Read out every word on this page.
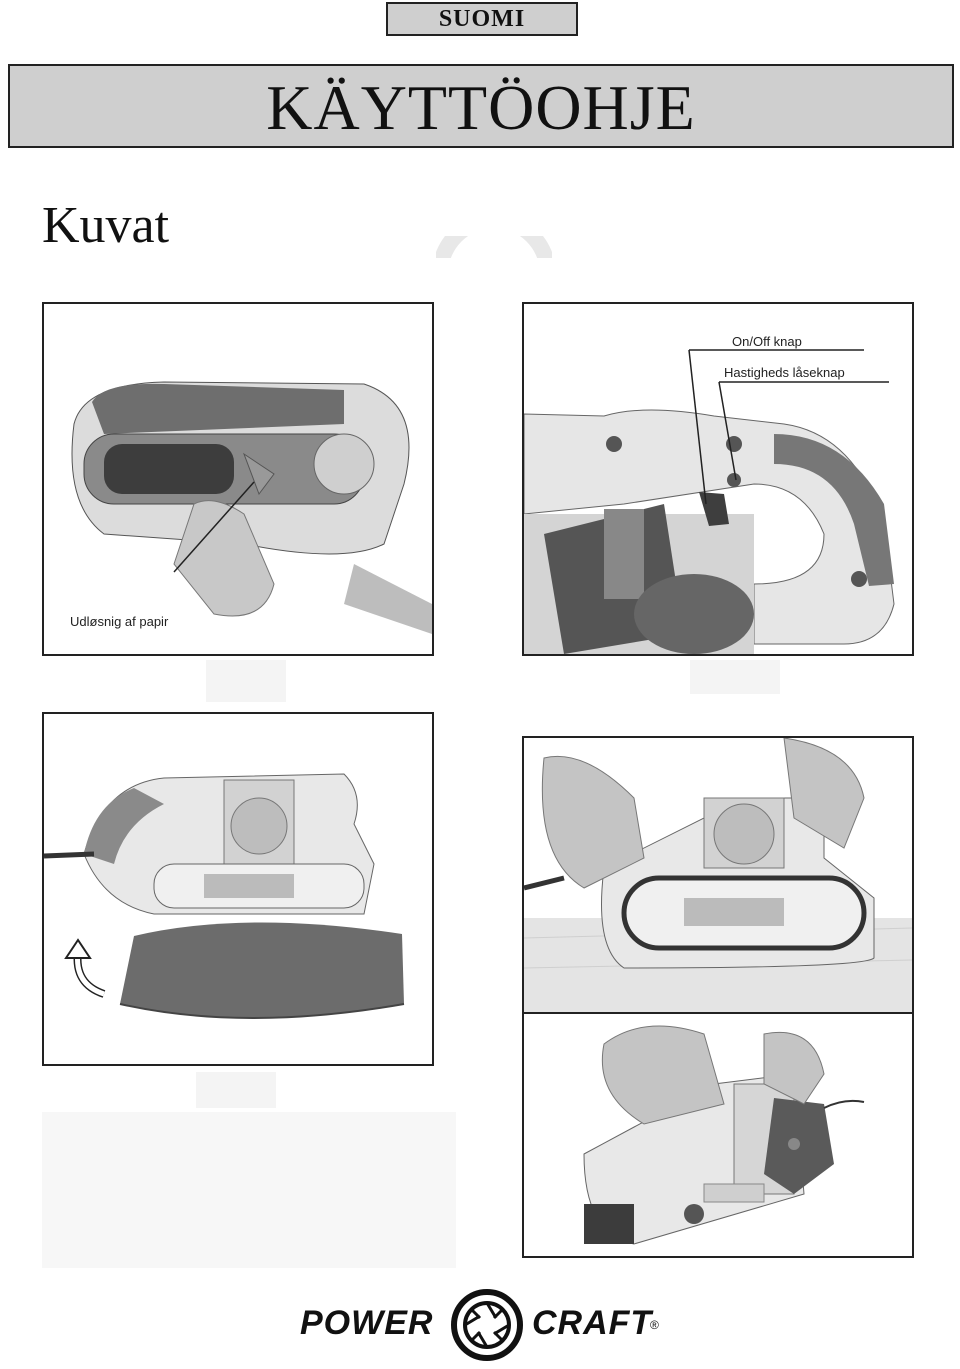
SUOMI
KÄYTTÖOHJE
Kuvat
Udløsnig af papir
On/Off knap
Hastigheds låseknap
POWER	CRAFT
®
